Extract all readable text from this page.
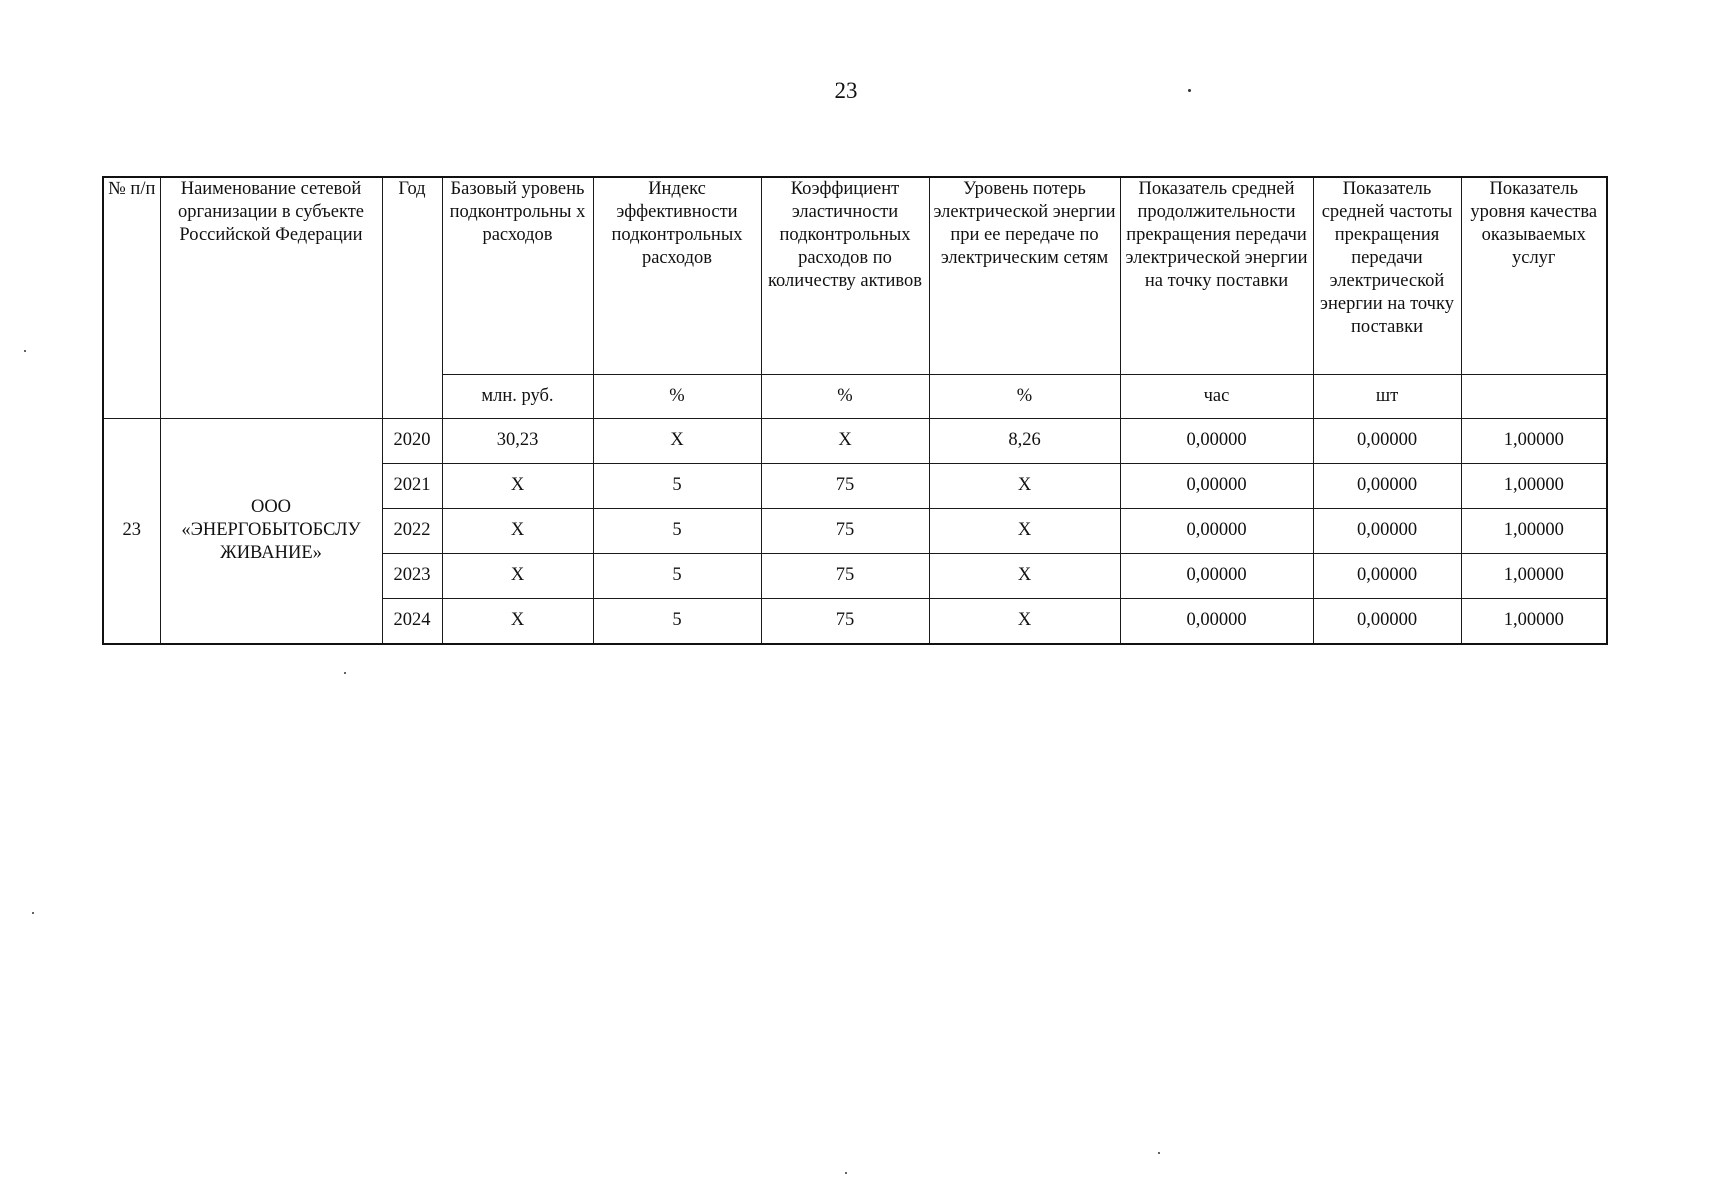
23
№ п/п	Наименование сетевой организации в субъекте Российской Федерации	Год	Базовый уровень подконтрольны х расходов	Индекс эффективности подконтрольных расходов	Коэффициент эластичности подконтрольных расходов по количеству активов	Уровень потерь электрической энергии при ее передаче по электрическим сетям	Показатель средней продолжительности прекращения передачи электрической энергии на точку поставки	Показатель средней частоты прекращения передачи электрической энергии на точку поставки	Показатель уровня качества оказываемых услуг
			млн. руб.	%	%	%	час	шт	
23	ООО «ЭНЕРГОБЫТОБСЛУ ЖИВАНИЕ»	2020	30,23	X	X	8,26	0,00000	0,00000	1,00000
		2021	X	5	75	X	0,00000	0,00000	1,00000
		2022	X	5	75	X	0,00000	0,00000	1,00000
		2023	X	5	75	X	0,00000	0,00000	1,00000
		2024	X	5	75	X	0,00000	0,00000	1,00000
